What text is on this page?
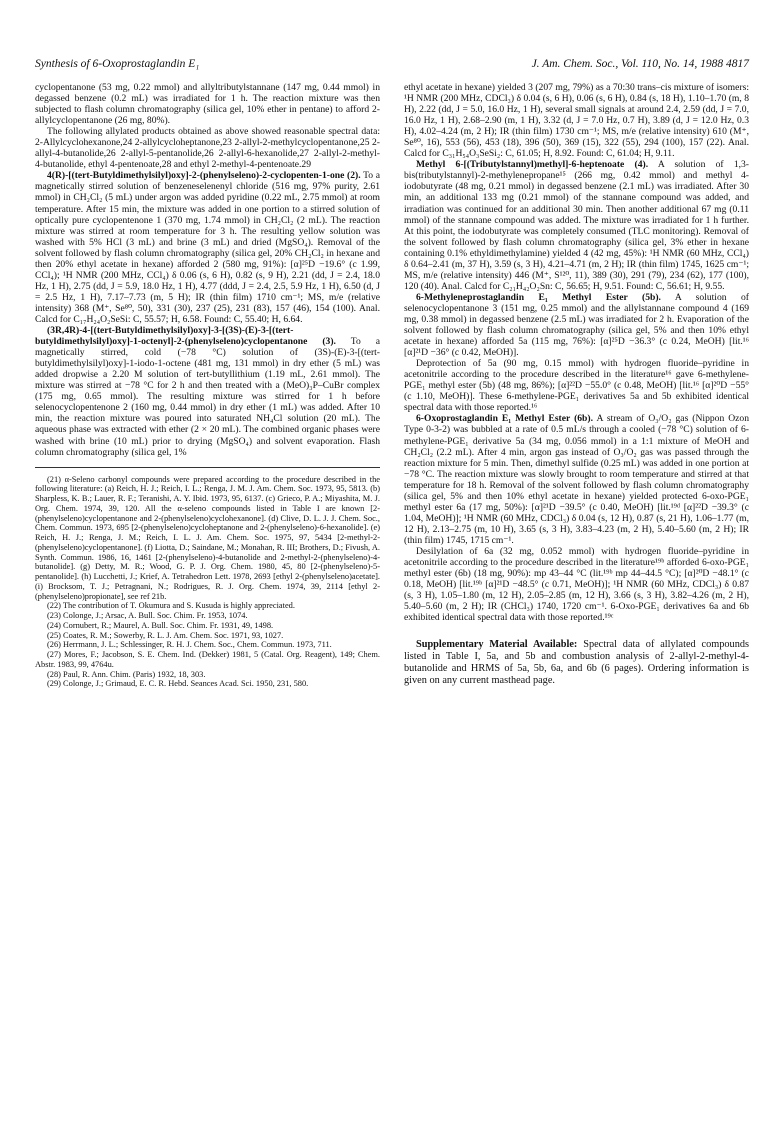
Synthesis of 6-Oxoprostaglandin E₁	J. Am. Chem. Soc., Vol. 110, No. 14, 1988 4817

cyclopentanone (53 mg, 0.22 mmol) and allyltributylstannane (147 mg, 0.44 mmol) in degassed benzene (0.2 mL) was irradiated for 1 h. The reaction mixture was then subjected to flash column chromatography (silica gel, 10% ether in pentane) to afford 2-allylcyclopentanone (26 mg, 80%).

The following allylated products obtained as above showed reasonable spectral data: 2-Allylcyclohexanone,24 2-allylcycloheptanone,23 2-allyl-2-methylcyclopentanone,25 2-allyl-4-butanolide,26 2-allyl-5-pentanolide,26 2-allyl-6-hexanolide,27 2-allyl-2-methyl-4-butanolide, ethyl 4-pentenoate,28 and ethyl 2-methyl-4-pentenoate.29

4(R)-[(tert-Butyldimethylsilyl)oxy]-2-(phenylseleno)-2-cyclopenten-1-one (2). To a magnetically stirred solution of benzeneselenenyl chloride (516 mg, 97% purity, 2.61 mmol) in CH₂Cl₂ (5 mL) under argon was added pyridine (0.22 mL, 2.75 mmol) at room temperature. After 15 min, the mixture was added in one portion to a stirred solution of optically pure cyclopentenone 1 (370 mg, 1.74 mmol) in CH₂Cl₂ (2 mL). The reaction mixture was stirred at room temperature for 3 h. The resulting yellow solution was washed with 5% HCl (3 mL) and brine (3 mL) and dried (MgSO₄). Removal of the solvent followed by flash column chromatography (silica gel, 20% CH₂Cl₂ in hexane and then 20% ethyl acetate in hexane) afforded 2 (580 mg, 91%): [α]²⁵D −19.6° (c 1.99, CCl₄); ¹H NMR (200 MHz, CCl₄) δ 0.06 (s, 6 H), 0.82 (s, 9 H), 2.21 (dd, J = 2.4, 18.0 Hz, 1 H), 2.75 (dd, J = 5.9, 18.0 Hz, 1 H), 4.77 (ddd, J = 2.4, 2.5, 5.9 Hz, 1 H), 6.50 (d, J = 2.5 Hz, 1 H), 7.17–7.73 (m, 5 H); IR (thin film) 1710 cm⁻¹; MS, m/e (relative intensity) 368 (M⁺, Se⁸⁰, 50), 331 (30), 237 (25), 231 (83), 157 (46), 154 (100). Anal. Calcd for C₁₇H₂₄O₂SeSi: C, 55.57; H, 6.58. Found: C, 55.40; H, 6.64.

(3R,4R)-4-[(tert-Butyldimethylsilyl)oxy]-3-[(3S)-(E)-3-[(tert-butyldimethylsilyl)oxy]-1-octenyl]-2-(phenylseleno)cyclopentanone (3). To a magnetically stirred, cold (−78 °C) solution of (3S)-(E)-3-[(tert-butyldimethylsilyl)oxy]-1-iodo-1-octene (481 mg, 131 mmol) in dry ether (5 mL) was added dropwise a 2.20 M solution of tert-butyllithium (1.19 mL, 2.61 mmol). The mixture was stirred at −78 °C for 2 h and then treated with a (MeO)₃P–CuBr complex (175 mg, 0.65 mmol). The resulting mixture was stirred for 1 h before selenocyclopentenone 2 (160 mg, 0.44 mmol) in dry ether (1 mL) was added. After 10 min, the reaction mixture was poured into saturated NH₄Cl solution (20 mL). The aqueous phase was extracted with ether (2 × 20 mL). The combined organic phases were washed with brine (10 mL) prior to drying (MgSO₄) and solvent evaporation. Flash column chromatography (silica gel, 1%

(21) α-Seleno carbonyl compounds were prepared according to the procedure described in the following literature: (a) Reich, H. J.; Reich, I. L.; Renga, J. M. J. Am. Chem. Soc. 1973, 95, 5813. (b) Sharpless, K. B.; Lauer, R. F.; Teranishi, A. Y. Ibid. 1973, 95, 6137. (c) Grieco, P. A.; Miyashita, M. J. Org. Chem. 1974, 39, 120. All the α-seleno compounds listed in Table I are known [2-(phenylseleno)cyclopentanone and 2-(phenylseleno)cyclohexanone]. (d) Clive, D. L. J. J. Chem. Soc., Chem. Commun. 1973, 695 [2-(phenylseleno)cycloheptanone and 2-(phenylseleno)-6-hexanolide]. (e) Reich, H. J.; Renga, J. M.; Reich, I. L. J. Am. Chem. Soc. 1975, 97, 5434 [2-methyl-2-(phenylseleno)cyclopentanone]. (f) Liotta, D.; Saindane, M.; Monahan, R. III; Brothers, D.; Fivush, A. Synth. Commun. 1986, 16, 1461 [2-(phenylseleno)-4-butanolide and 2-methyl-2-(phenylseleno)-4-butanolide]. (g) Detty, M. R.; Wood, G. P. J. Org. Chem. 1980, 45, 80 [2-(phenylseleno)-5-pentanolide]. (h) Lucchetti, J.; Krief, A. Tetrahedron Lett. 1978, 2693 [ethyl 2-(phenylseleno)acetate]. (i) Brocksom, T. J.; Petragnani, N.; Rodrigues, R. J. Org. Chem. 1974, 39, 2114 [ethyl 2-(phenylseleno)propionate], see ref 21b.

(22) The contribution of T. Okumura and S. Kusuda is highly appreciated.

(23) Colonge, J.; Arsac, A. Bull. Soc. Chim. Fr. 1953, 1074.

(24) Cornubert, R.; Maurel, A. Bull. Soc. Chim. Fr. 1931, 49, 1498.

(25) Coates, R. M.; Sowerby, R. L. J. Am. Chem. Soc. 1971, 93, 1027.

(26) Herrmann, J. L.; Schlessinger, R. H. J. Chem. Soc., Chem. Commun. 1973, 711.

(27) Mores, F.; Jacobson, S. E. Chem. Ind. (Dekker) 1981, 5 (Catal. Org. Reagent), 149; Chem. Abstr. 1983, 99, 4764u.

(28) Paul, R. Ann. Chim. (Paris) 1932, 18, 303.

(29) Colonge, J.; Grimaud, E. C. R. Hebd. Seances Acad. Sci. 1950, 231, 580.

ethyl acetate in hexane) yielded 3 (207 mg, 79%) as a 70:30 trans–cis mixture of isomers: ¹H NMR (200 MHz, CDCl₃) δ 0.04 (s, 6 H), 0.06 (s, 6 H), 0.84 (s, 18 H), 1.10–1.70 (m, 8 H), 2.22 (dd, J = 5.0, 16.0 Hz, 1 H), several small signals at around 2.4, 2.59 (dd, J = 7.0, 16.0 Hz, 1 H), 2.68–2.90 (m, 1 H), 3.32 (d, J = 7.0 Hz, 0.7 H), 3.89 (d, J = 12.0 Hz, 0.3 H), 4.02–4.24 (m, 2 H); IR (thin film) 1730 cm⁻¹; MS, m/e (relative intensity) 610 (M⁺, Se⁸⁰, 16), 553 (56), 453 (18), 396 (50), 369 (15), 322 (55), 294 (100), 157 (22). Anal. Calcd for C₃₁H₅₄O₃SeSi₂: C, 61.05; H, 8.92. Found: C, 61.04; H, 9.11.

Methyl 6-[(Tributylstannyl)methyl]-6-heptenoate (4). A solution of 1,3-bis(tributylstannyl)-2-methylenepropane¹⁵ (266 mg, 0.42 mmol) and methyl 4-iodobutyrate (48 mg, 0.21 mmol) in degassed benzene (2.1 mL) was irradiated. After 30 min, an additional 133 mg (0.21 mmol) of the stannane compound was added, and irradiation was continued for an additional 30 min. Then another additional 67 mg (0.11 mmol) of the stannane compound was added. The mixture was irradiated for 1 h further. At this point, the iodobutyrate was completely consumed (TLC monitoring). Removal of the solvent followed by flash column chromatography (silica gel, 3% ether in hexane containing 0.1% ethyldimethylamine) yielded 4 (42 mg, 45%): ¹H NMR (60 MHz, CCl₄) δ 0.64–2.41 (m, 37 H), 3.59 (s, 3 H), 4.21–4.71 (m, 2 H); IR (thin film) 1745, 1625 cm⁻¹; MS, m/e (relative intensity) 446 (M⁺, S¹²⁰, 11), 389 (30), 291 (79), 234 (62), 177 (100), 120 (40). Anal. Calcd for C₂₁H₄₂O₂Sn: C, 56.65; H, 9.51. Found: C, 56.61; H, 9.55.

6-Methyleneprostaglandin E₁ Methyl Ester (5b). A solution of selenocyclopentanone 3 (151 mg, 0.25 mmol) and the allylstannane compound 4 (169 mg, 0.38 mmol) in degassed benzene (2.5 mL) was irradiated for 2 h. Evaporation of the solvent followed by flash column chromatography (silica gel, 5% and then 10% ethyl acetate in hexane) afforded 5a (115 mg, 76%): [α]²⁵D −36.3° (c 0.24, MeOH) [lit.¹⁶ [α]²¹D −36° (c 0.42, MeOH)].

Deprotection of 5a (90 mg, 0.15 mmol) with hydrogen fluoride–pyridine in acetonitrile according to the procedure described in the literature¹⁶ gave 6-methylene-PGE₁ methyl ester (5b) (48 mg, 86%); [α]²²D −55.0° (c 0.48, MeOH) [lit.¹⁶ [α]²⁰D −55° (c 1.10, MeOH)]. These 6-methylene-PGE₁ derivatives 5a and 5b exhibited identical spectral data with those reported.¹⁶

6-Oxoprostaglandin E₁ Methyl Ester (6b). A stream of O₃/O₂ gas (Nippon Ozon Type 0-3-2) was bubbled at a rate of 0.5 mL/s through a cooled (−78 °C) solution of 6-methylene-PGE₁ derivative 5a (34 mg, 0.056 mmol) in a 1:1 mixture of MeOH and CH₂Cl₂ (2.2 mL). After 4 min, argon gas instead of O₃/O₂ gas was passed through the reaction mixture for 5 min. Then, dimethyl sulfide (0.25 mL) was added in one portion at −78 °C. The reaction mixture was slowly brought to room temperature and stirred at that temperature for 18 h. Removal of the solvent followed by flash column chromatography (silica gel, 5% and then 10% ethyl acetate in hexane) yielded protected 6-oxo-PGE₁ methyl ester 6a (17 mg, 50%): [α]²¹D −39.5° (c 0.40, MeOH) [lit.¹⁹ᵈ [α]²²D −39.3° (c 1.04, MeOH)]; ¹H NMR (60 MHz, CDCl₃) δ 0.04 (s, 12 H), 0.87 (s, 21 H), 1.06–1.77 (m, 12 H), 2.13–2.75 (m, 10 H), 3.65 (s, 3 H), 3.83–4.23 (m, 2 H), 5.40–5.60 (m, 2 H); IR (thin film) 1745, 1715 cm⁻¹.

Desilylation of 6a (32 mg, 0.052 mmol) with hydrogen fluoride–pyridine in acetonitrile according to the procedure described in the literature¹⁹ᵇ afforded 6-oxo-PGE₁ methyl ester (6b) (18 mg, 90%): mp 43–44 °C (lit.¹⁹ᵇ mp 44–44.5 °C); [α]²⁰D −48.1° (c 0.18, MeOH) [lit.¹⁹ᵇ [α]²¹D −48.5° (c 0.71, MeOH)]; ¹H NMR (60 MHz, CDCl₃) δ 0.87 (s, 3 H), 1.05–1.80 (m, 12 H), 2.05–2.85 (m, 12 H), 3.66 (s, 3 H), 3.82–4.26 (m, 2 H), 5.40–5.60 (m, 2 H); IR (CHCl₃) 1740, 1720 cm⁻¹. 6-Oxo-PGE₁ derivatives 6a and 6b exhibited identical spectral data with those reported.¹⁹ᶜ

Supplementary Material Available: Spectral data of allylated compounds listed in Table I, 5a, and 5b and combustion analysis of 2-allyl-2-methyl-4-butanolide and HRMS of 5a, 5b, 6a, and 6b (6 pages). Ordering information is given on any current masthead page.
